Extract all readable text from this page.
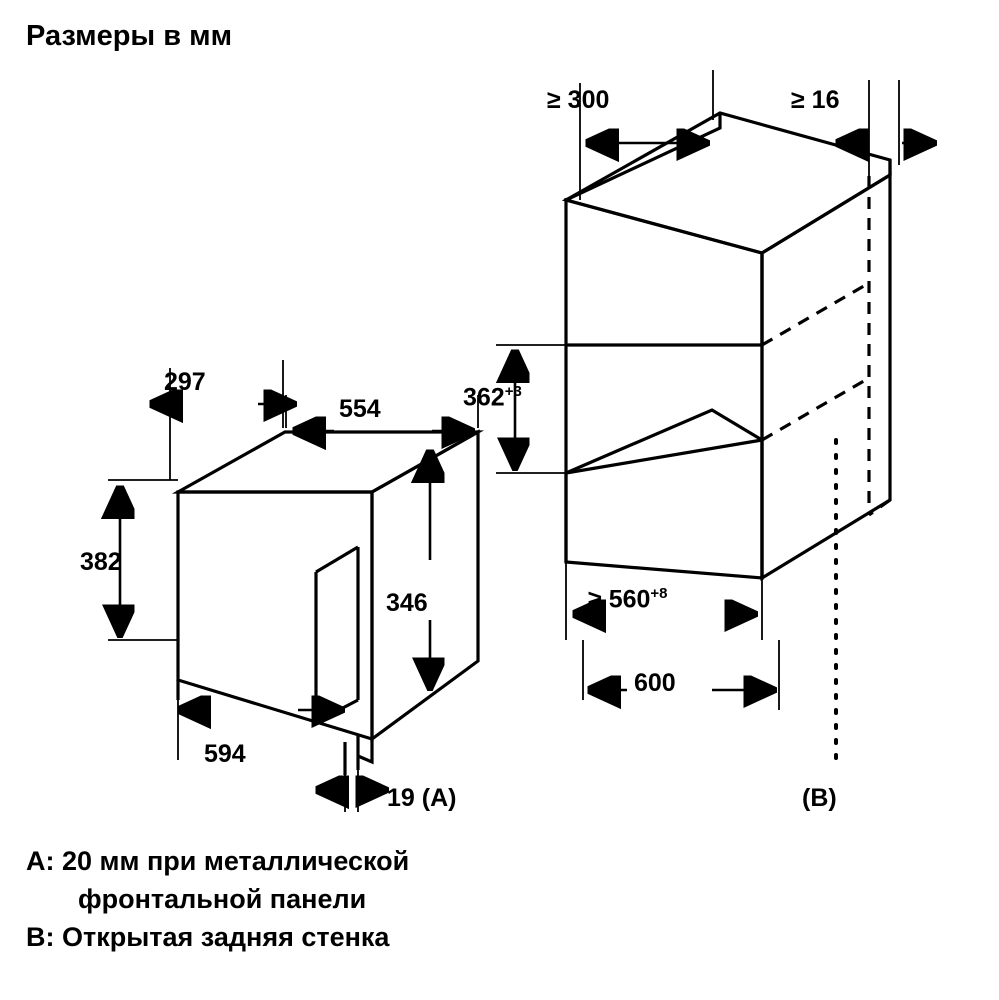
Размеры в мм
≥ 300	≥ 16
297
554	$362^{+3}$
382
346	≥ $560^{+8}$
600
594
19 (A)	(B)
A: 20 мм при металлической
фронтальной панели
B: Открытая задняя стенка
